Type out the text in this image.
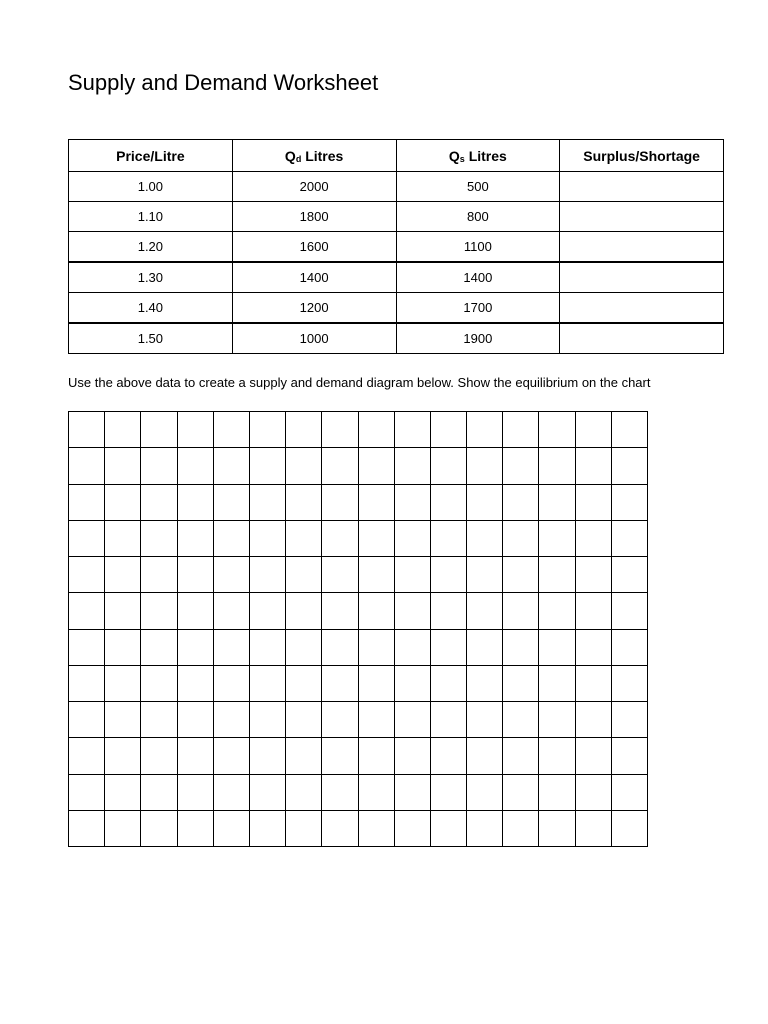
Supply and Demand Worksheet
Price/Litre	$Q_d$ Litres	$Q_s$ Litres	Surplus/Shortage
1.00	2000	500	
1.10	1800	800	
1.20	1600	1100	
1.30	1400	1400	
1.40	1200	1700	
1.50	1000	1900	

Use the above data to create a supply and demand diagram below. Show the equilibrium on the chart
